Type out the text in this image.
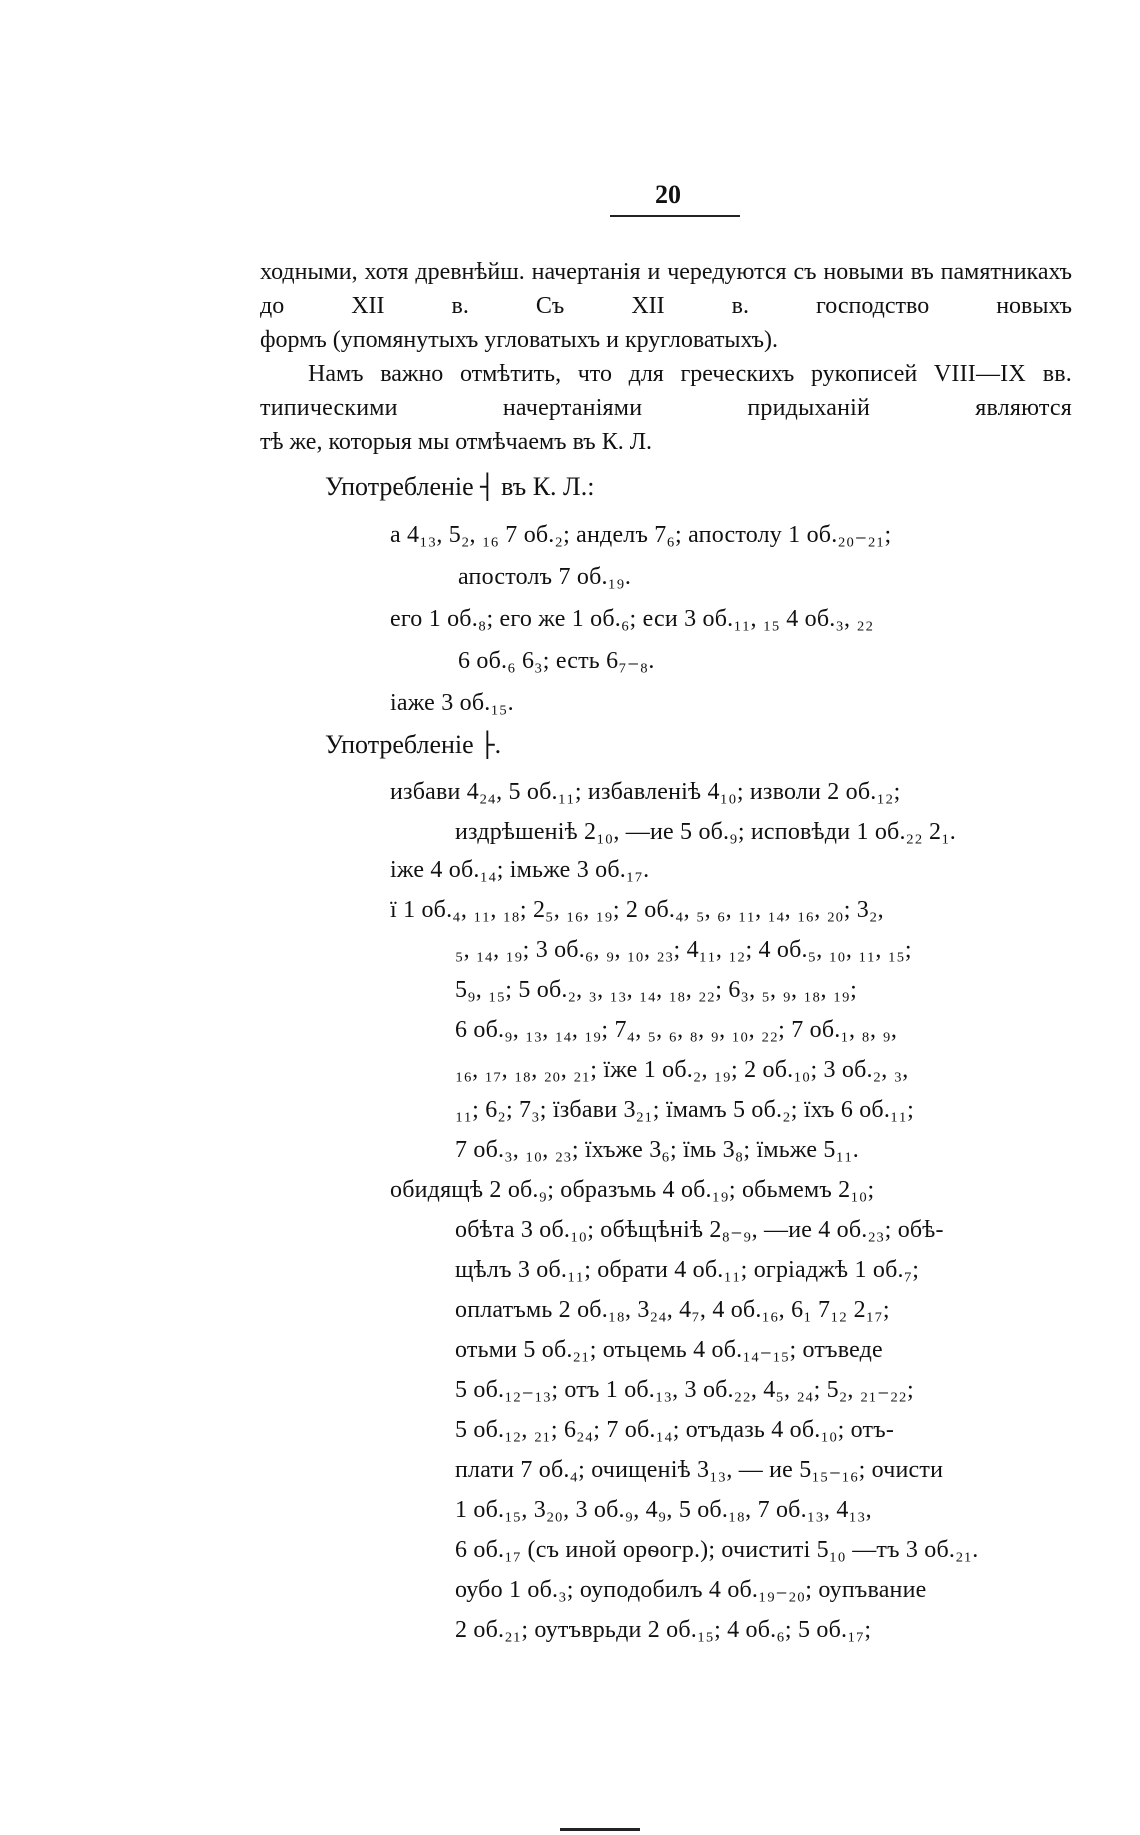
20
ходными, хотя древнѣйш. начертанія и чередуются съ новыми въ памятникахъ до XII в. Съ XII в. господство новыхъ
формъ (упомянутыхъ угловатыхъ и кругловатыхъ).
Намъ важно отмѣтить, что для греческихъ рукописей VIII—IX вв. типическими начертаніями придыханій являются
тѣ же, которыя мы отмѣчаемъ въ К. Л.
Употребленіе ┤ въ К. Л.:
а 4₁₃, 5₂, ₁₆ 7 об.₂; анделъ 7₆; апостолу 1 об.₂₀₋₂₁;
апостолъ 7 об.₁₉.
его 1 об.₈; его же 1 об.₆; еси 3 об.₁₁, ₁₅ 4 об.₃, ₂₂
6 об.₆ 6₃; есть 6₇₋₈.
іаже 3 об.₁₅.
Употребленіе ├.
избави 4₂₄, 5 об.₁₁; избавленіѣ 4₁₀; изволи 2 об.₁₂;
издрѣшеніѣ 2₁₀, —ие 5 об.₉; исповѣди 1 об.₂₂ 2₁.
іже 4 об.₁₄; імьже 3 об.₁₇.
ї 1 об.₄, ₁₁, ₁₈; 2₅, ₁₆, ₁₉; 2 об.₄, ₅, ₆, ₁₁, ₁₄, ₁₆, ₂₀; 3₂,
₅, ₁₄, ₁₉; 3 об.₆, ₉, ₁₀, ₂₃; 4₁₁, ₁₂; 4 об.₅, ₁₀, ₁₁, ₁₅;
5₉, ₁₅; 5 об.₂, ₃, ₁₃, ₁₄, ₁₈, ₂₂; 6₃, ₅, ₉, ₁₈, ₁₉;
6 об.₉, ₁₃, ₁₄, ₁₉; 7₄, ₅, ₆, ₈, ₉, ₁₀, ₂₂; 7 об.₁, ₈, ₉,
₁₆, ₁₇, ₁₈, ₂₀, ₂₁; їже 1 об.₂, ₁₉; 2 об.₁₀; 3 об.₂, ₃,
₁₁; 6₂; 7₃; їзбави 3₂₁; їмамъ 5 об.₂; їхъ 6 об.₁₁;
7 об.₃, ₁₀, ₂₃; їхъже 3₆; їмь 3₈; їмьже 5₁₁.
обидящѣ 2 об.₉; образъмь 4 об.₁₉; обьмемъ 2₁₀;
обѣта 3 об.₁₀; обѣщѣніѣ 2₈₋₉, —ие 4 об.₂₃; обѣ-
щѣлъ 3 об.₁₁; обрати 4 об.₁₁; огріаджѣ 1 об.₇;
оплатъмь 2 об.₁₈, 3₂₄, 4₇, 4 об.₁₆, 6₁ 7₁₂ 2₁₇;
отьми 5 об.₂₁; отьцемь 4 об.₁₄₋₁₅; отъведе
5 об.₁₂₋₁₃; отъ 1 об.₁₃, 3 об.₂₂, 4₅, ₂₄; 5₂, ₂₁₋₂₂;
5 об.₁₂, ₂₁; 6₂₄; 7 об.₁₄; отъдазь 4 об.₁₀; отъ-
плати 7 об.₄; очищеніѣ 3₁₃, — ие 5₁₅₋₁₆; очисти
1 об.₁₅, 3₂₀, 3 об.₉, 4₉, 5 об.₁₈, 7 об.₁₃, 4₁₃,
6 об.₁₇ (съ иной орѳогр.); очиститі 5₁₀ —тъ 3 об.₂₁.
оубо 1 об.₃; оуподобилъ 4 об.₁₉₋₂₀; оупъвание
2 об.₂₁; оутъврьди 2 об.₁₅; 4 об.₆; 5 об.₁₇;
